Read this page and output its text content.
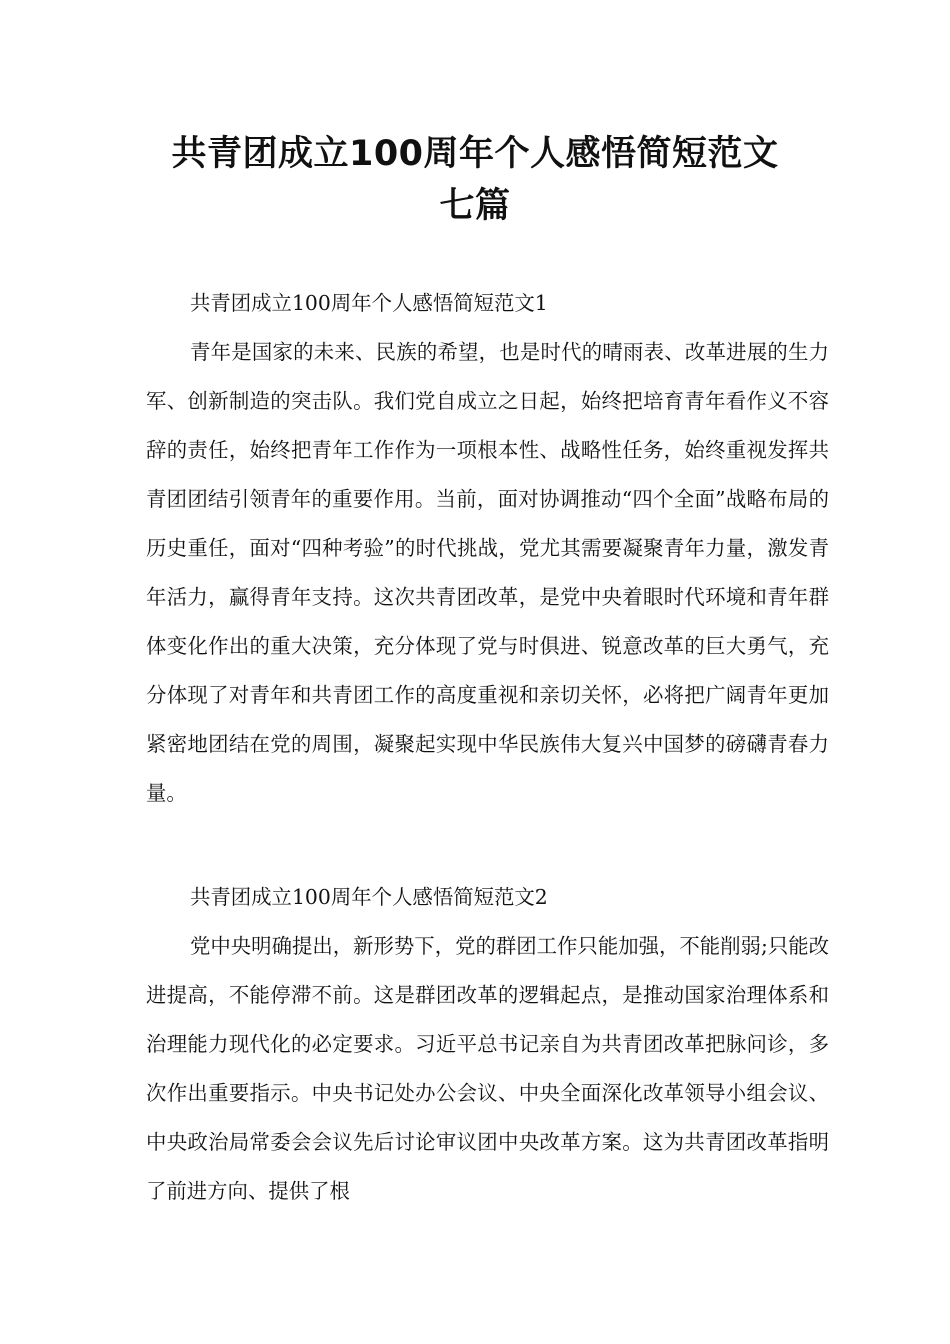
共青团成立100周年个人感悟简短范文
七篇

共青团成立100周年个人感悟简短范文1

青年是国家的未来、民族的希望，也是时代的晴雨表、改革进展的生力军、创新制造的突击队。我们党自成立之日起，始终把培育青年看作义不容辞的责任，始终把青年工作作为一项根本性、战略性任务，始终重视发挥共青团团结引领青年的重要作用。当前，面对协调推动“四个全面”战略布局的历史重任，面对“四种考验”的时代挑战，党尤其需要凝聚青年力量，激发青年活力，赢得青年支持。这次共青团改革，是党中央着眼时代环境和青年群体变化作出的重大决策，充分体现了党与时俱进、锐意改革的巨大勇气，充分体现了对青年和共青团工作的高度重视和亲切关怀，必将把广阔青年更加紧密地团结在党的周围，凝聚起实现中华民族伟大复兴中国梦的磅礴青春力量。

共青团成立100周年个人感悟简短范文2

党中央明确提出，新形势下，党的群团工作只能加强，不能削弱;只能改进提高，不能停滞不前。这是群团改革的逻辑起点，是推动国家治理体系和治理能力现代化的必定要求。习近平总书记亲自为共青团改革把脉问诊，多次作出重要指示。中央书记处办公会议、中央全面深化改革领导小组会议、中央政治局常委会会议先后讨论审议团中央改革方案。这为共青团改革指明了前进方向、提供了根
